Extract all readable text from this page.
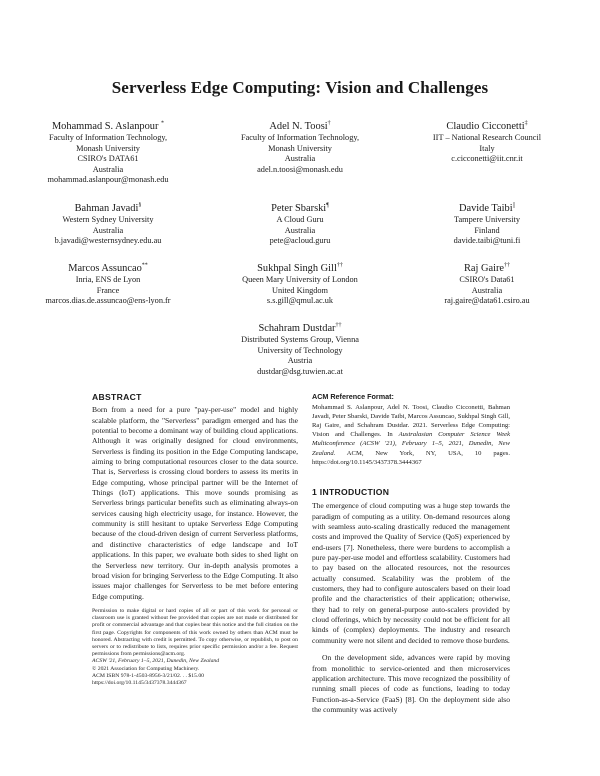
Serverless Edge Computing: Vision and Challenges
Mohammad S. Aslanpour *
Faculty of Information Technology,
Monash University
CSIRO's DATA61
Australia
mohammad.aslanpour@monash.edu
Adel N. Toosi†
Faculty of Information Technology,
Monash University
Australia
adel.n.toosi@monash.edu
Claudio Cicconetti‡
IIT – National Research Council
Italy
c.cicconetti@iit.cnr.it
Bahman Javadi§
Western Sydney University
Australia
b.javadi@westernsydney.edu.au
Peter Sbarski¶
A Cloud Guru
Australia
pete@acloud.guru
Davide Taibi||
Tampere University
Finland
davide.taibi@tuni.fi
Marcos Assuncao**
Inria, ENS de Lyon
France
marcos.dias.de.assuncao@ens-lyon.fr
Sukhpal Singh Gill††
Queen Mary University of London
United Kingdom
s.s.gill@qmul.ac.uk
Raj Gaire††
CSIRO's Data61
Australia
raj.gaire@data61.csiro.au
Schahram Dustdar††
Distributed Systems Group, Vienna
University of Technology
Austria
dustdar@dsg.tuwien.ac.at
ABSTRACT

Born from a need for a pure "pay-per-use" model and highly scalable platform, the "Serverless" paradigm emerged and has the potential to become a dominant way of building cloud applications. Although it was originally designed for cloud environments, Serverless is finding its position in the Edge Computing landscape, aiming to bring computational resources closer to the data source. That is, Serverless is crossing cloud borders to assess its merits in Edge computing, whose principal partner will be the Internet of Things (IoT) applications. This move sounds promising as Serverless brings particular benefits such as eliminating always-on services causing high electricity usage, for instance. However, the community is still hesitant to uptake Serverless Edge Computing because of the cloud-driven design of current Serverless platforms, and distinctive characteristics of edge landscape and IoT applications. In this paper, we evaluate both sides to shed light on the Serverless new territory. Our in-depth analysis promotes a broad vision for bringing Serverless to the Edge Computing. It also issues major challenges for Serverless to be met before entering Edge computing.

Permission to make digital or hard copies of all or part of this work for personal or classroom use is granted without fee provided that copies are not made or distributed for profit or commercial advantage and that copies bear this notice and the full citation on the first page. Copyrights for components of this work owned by others than ACM must be honored. Abstracting with credit is permitted. To copy otherwise, or republish, to post on servers or to redistribute to lists, requires prior specific permission and/or a fee. Request permissions from permissions@acm.org.

ACSW '21, February 1–5, 2021, Dunedin, New Zealand

© 2021 Association for Computing Machinery.

ACM ISBN 978-1-4503-8956-3/21/02. . . $15.00

https://doi.org/10.1145/3437378.3444367

ACM Reference Format:

Mohammad S. Aslanpour, Adel N. Toosi, Claudio Cicconetti, Bahman Javadi, Peter Sbarski, Davide Taibi, Marcos Assuncao, Sukhpal Singh Gill, Raj Gaire, and Schahram Dustdar. 2021. Serverless Edge Computing: Vision and Challenges. In Australasian Computer Science Week Multiconference (ACSW '21), February 1–5, 2021, Dunedin, New Zealand. ACM, New York, NY, USA, 10 pages. https://doi.org/10.1145/3437378.3444367

1 INTRODUCTION

The emergence of cloud computing was a huge step towards the paradigm of computing as a utility. On-demand resources along with seamless auto-scaling drastically reduced the management costs and improved the Quality of Service (QoS) experienced by end-users [7]. Nonetheless, there were burdens to accomplish a pure pay-per-use model and effortless scalability. Customers had to pay based on the allocated resources, not the resources actually consumed. Scalability was the problem of the customers, they had to configure autoscalers based on their load profile and the characteristics of their application; otherwise, they had to rely on general-purpose auto-scalers provided by cloud offerings, which by necessity could not be efficient for all kinds of (complex) deployments. The industry and research community were not silent and decided to remove those burdens.

On the development side, advances were rapid by moving from monolithic to service-oriented and then microservices application architecture. This move recognized the possibility of running small pieces of code as functions, leading to today Function-as-a-Service (FaaS) [8]. On the deployment side also the community was actively
